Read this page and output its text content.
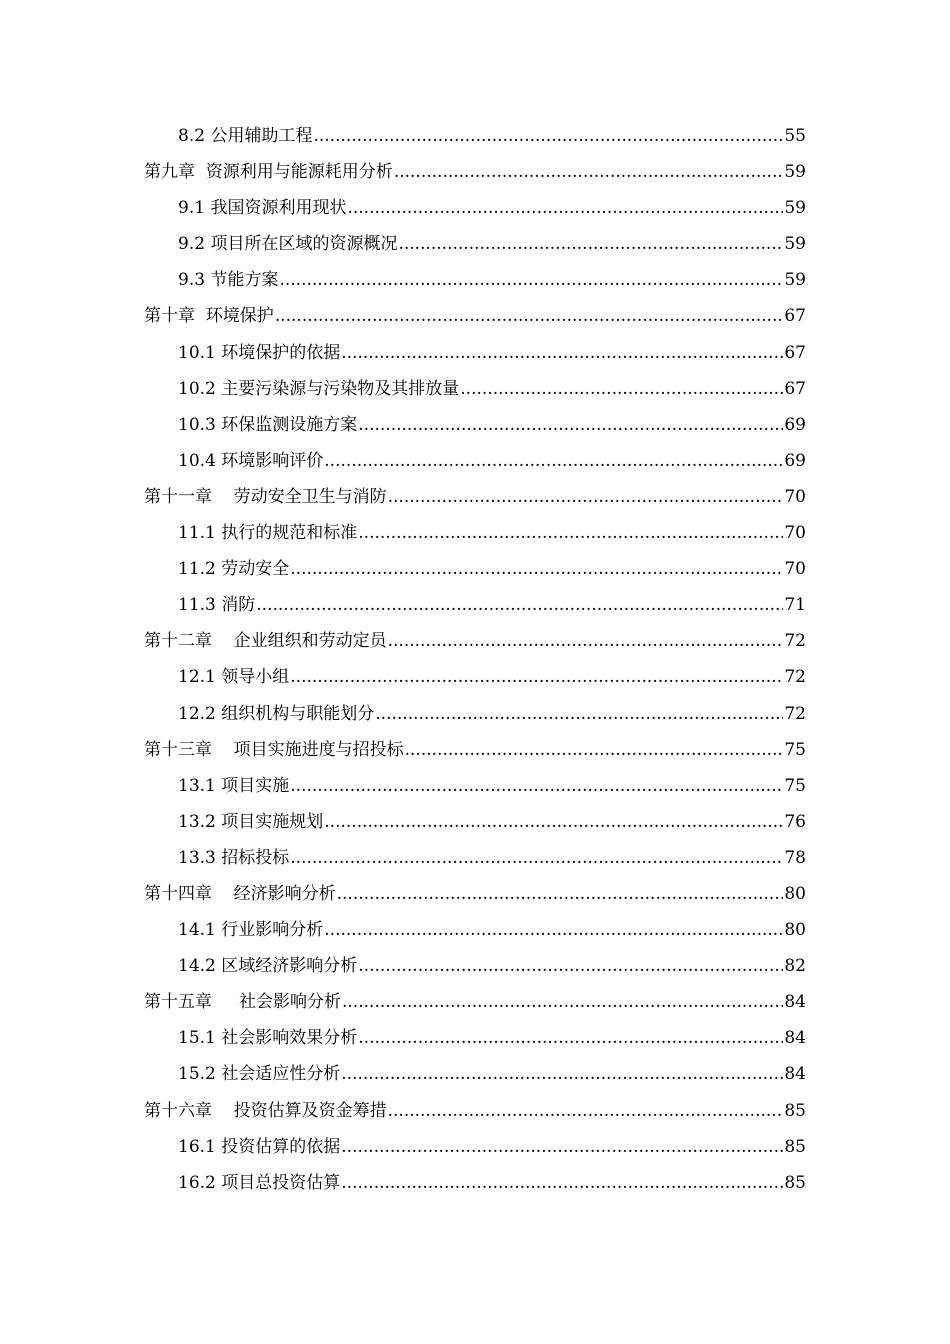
8.2 公用辅助工程 .....	55
第九章  资源利用与能源耗用分析 .....	59
9.1 我国资源利用现状 .....	59
9.2 项目所在区域的资源概况 .....	59
9.3 节能方案 .....	59
第十章  环境保护 .....	67
10.1 环境保护的依据 .....	67
10.2 主要污染源与污染物及其排放量 .....	67
10.3 环保监测设施方案 .....	69
10.4 环境影响评价 .....	69
第十一章    劳动安全卫生与消防 .....	70
11.1 执行的规范和标准 .....	70
11.2 劳动安全 .....	70
11.3 消防 .....	71
第十二章    企业组织和劳动定员 .....	72
12.1 领导小组 .....	72
12.2 组织机构与职能划分 .....	72
第十三章    项目实施进度与招投标 .....	75
13.1 项目实施 .....	75
13.2 项目实施规划 .....	76
13.3 招标投标 .....	78
第十四章    经济影响分析 .....	80
14.1 行业影响分析 .....	80
14.2 区域经济影响分析 .....	82
第十五章     社会影响分析 .....	84
15.1 社会影响效果分析 .....	84
15.2 社会适应性分析 .....	84
第十六章    投资估算及资金筹措 .....	85
16.1 投资估算的依据 .....	85
16.2 项目总投资估算 .....	85
